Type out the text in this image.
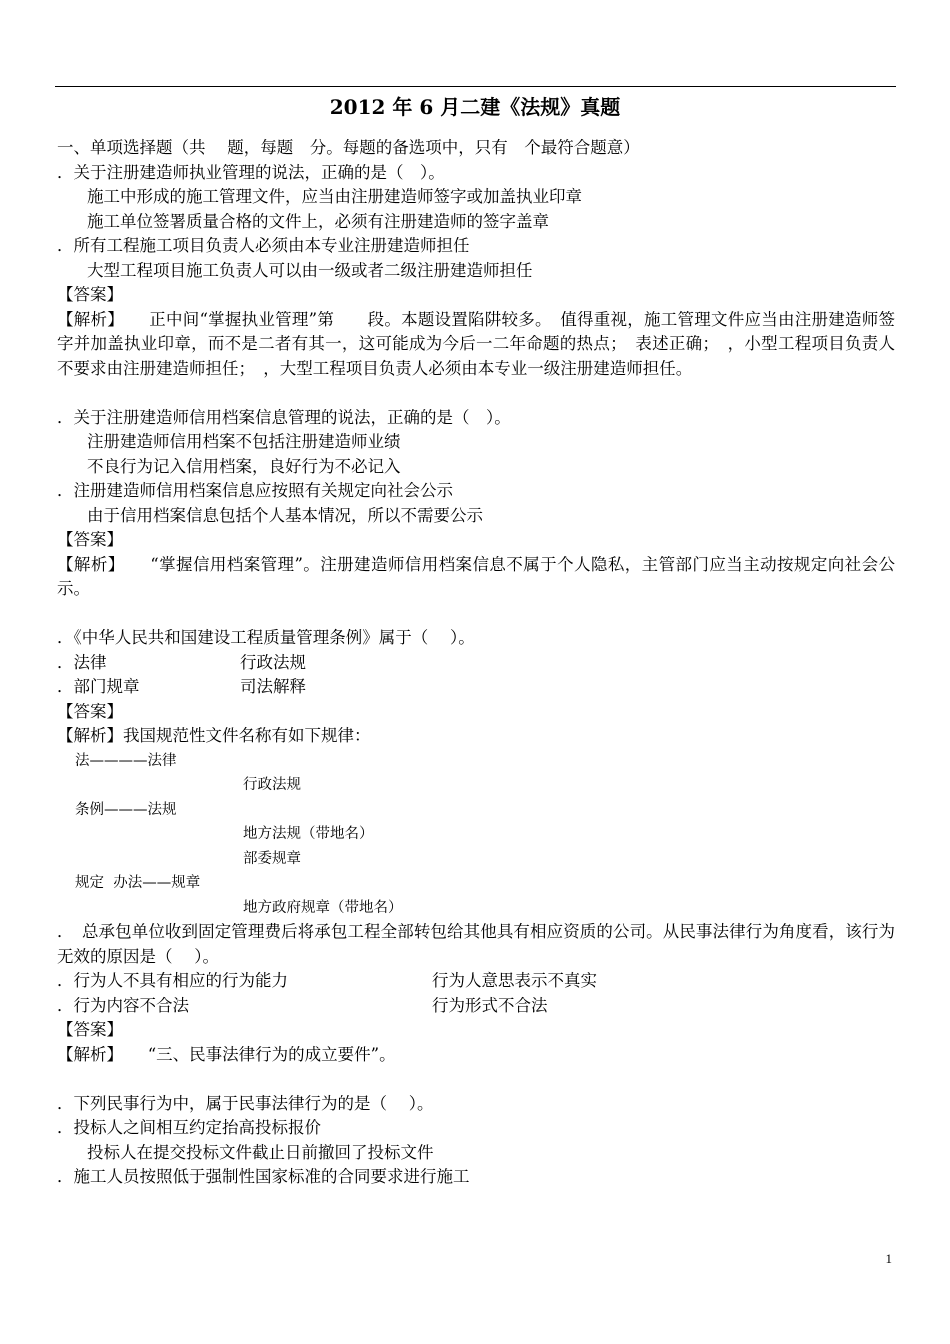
2012 年 6 月二建《法规》真题
一、单项选择题（共　 题，每题　分。每题的备选项中，只有　个最符合题意）
．关于注册建造师执业管理的说法，正确的是（　）。
施工中形成的施工管理文件，应当由注册建造师签字或加盖执业印章
施工单位签署质量合格的文件上，必须有注册建造师的签字盖章
．所有工程施工项目负责人必须由本专业注册建造师担任
大型工程项目施工负责人可以由一级或者二级注册建造师担任
【答案】
【解析】　　正中间“掌握执业管理”第　　段。本题设置陷阱较多。　值得重视，施工管理文件应当由注册建造师签字并加盖执业印章，而不是二者有其一，这可能成为今后一二年命题的热点；　表述正确；　，小型工程项目负责人不要求由注册建造师担任；　，大型工程项目负责人必须由本专业一级注册建造师担任。
．关于注册建造师信用档案信息管理的说法，正确的是（　）。
注册建造师信用档案不包括注册建造师业绩
不良行为记入信用档案，良好行为不必记入
．注册建造师信用档案信息应按照有关规定向社会公示
由于信用档案信息包括个人基本情况，所以不需要公示
【答案】
【解析】　　“掌握信用档案管理”。注册建造师信用档案信息不属于个人隐私，主管部门应当主动按规定向社会公示。
．《中华人民共和国建设工程质量管理条例》属于（　 ）。
．法律	行政法规
．部门规章	司法解释
【答案】
【解析】我国规范性文件名称有如下规律：
法————法律
行政法规
条例———法规
地方法规（带地名）
部委规章
规定  办法——规章
地方政府规章（带地名）
．　总承包单位收到固定管理费后将承包工程全部转包给其他具有相应资质的公司。从民事法律行为角度看，该行为无效的原因是（　 ）。
．行为人不具有相应的行为能力	行为人意思表示不真实
．行为内容不合法	行为形式不合法
【答案】
【解析】　　“三、民事法律行为的成立要件”。
．下列民事行为中，属于民事法律行为的是（　 ）。
．投标人之间相互约定抬高投标报价
投标人在提交投标文件截止日前撤回了投标文件
．施工人员按照低于强制性国家标准的合同要求进行施工
1
